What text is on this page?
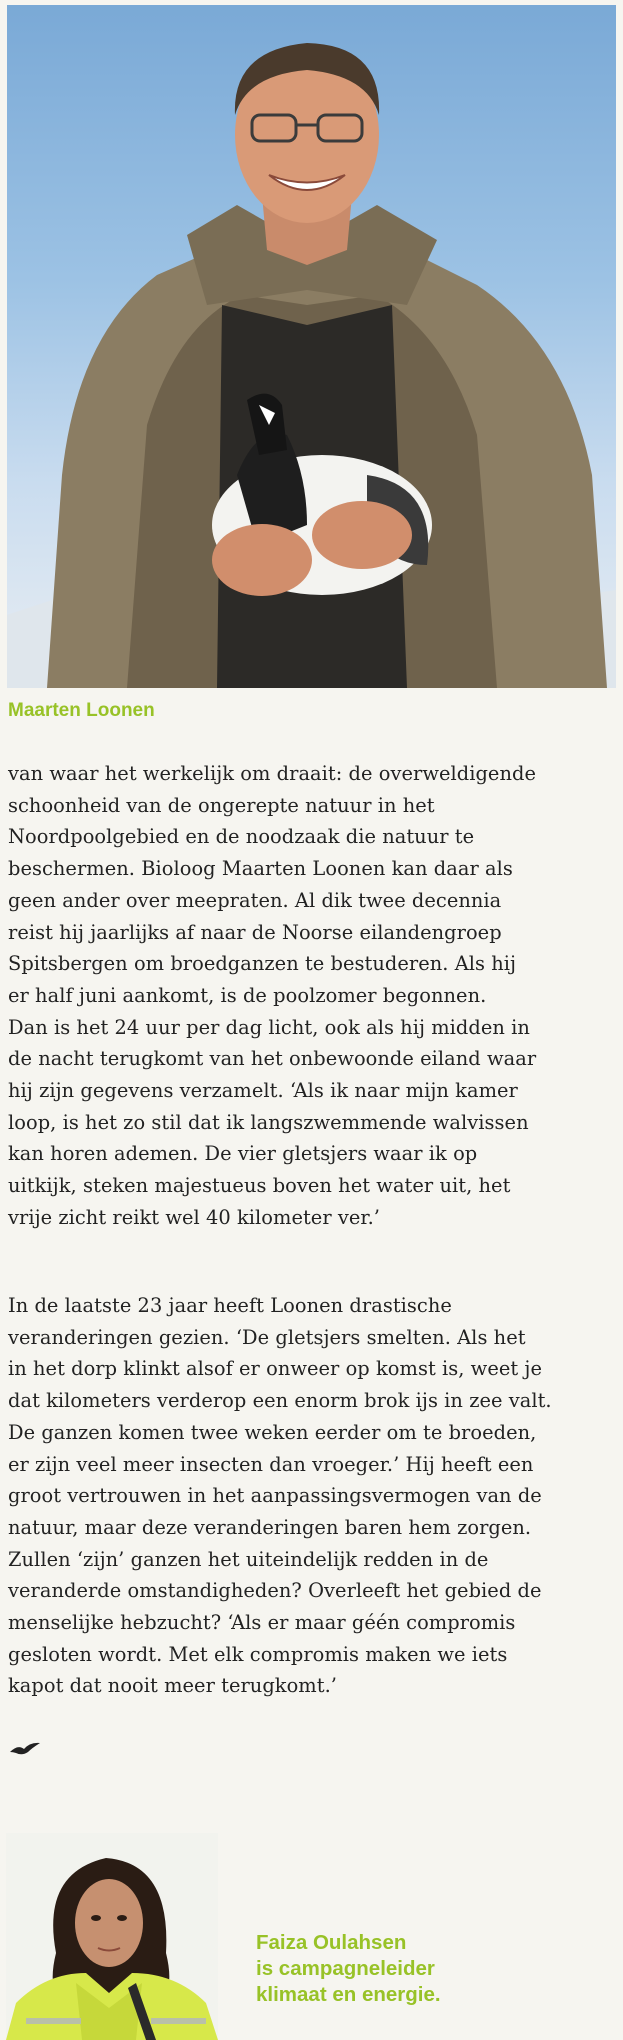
Maarten Loonen

van waar het werkelijk om draait: de overweldigende
schoonheid van de ongerepte natuur in het
Noordpoolgebied en de noodzaak die natuur te
beschermen. Bioloog Maarten Loonen kan daar als
geen ander over meepraten. Al dik twee decennia
reist hij jaarlijks af naar de Noorse eilandengroep
Spitsbergen om broedganzen te bestuderen. Als hij
er half juni aankomt, is de poolzomer begonnen.
Dan is het 24 uur per dag licht, ook als hij midden in
de nacht terugkomt van het onbewoonde eiland waar
hij zijn gegevens verzamelt. ‘Als ik naar mijn kamer
loop, is het zo stil dat ik langszwemmende walvissen
kan horen ademen. De vier gletsjers waar ik op
uitkijk, steken majestueus boven het water uit, het
vrije zicht reikt wel 40 kilometer ver.’

In de laatste 23 jaar heeft Loonen drastische
veranderingen gezien. ‘De gletsjers smelten. Als het
in het dorp klinkt alsof er onweer op komst is, weet je
dat kilometers verderop een enorm brok ijs in zee valt.
De ganzen komen twee weken eerder om te broeden,
er zijn veel meer insecten dan vroeger.’ Hij heeft een
groot vertrouwen in het aanpassingsvermogen van de
natuur, maar deze veranderingen baren hem zorgen.
Zullen ‘zijn’ ganzen het uiteindelijk redden in de
veranderde omstandigheden? Overleeft het gebied de
menselijke hebzucht? ‘Als er maar géén compromis
gesloten wordt. Met elk compromis maken we iets
kapot dat nooit meer terugkomt.’

Faiza Oulahsen
is campagneleider
klimaat en energie.
